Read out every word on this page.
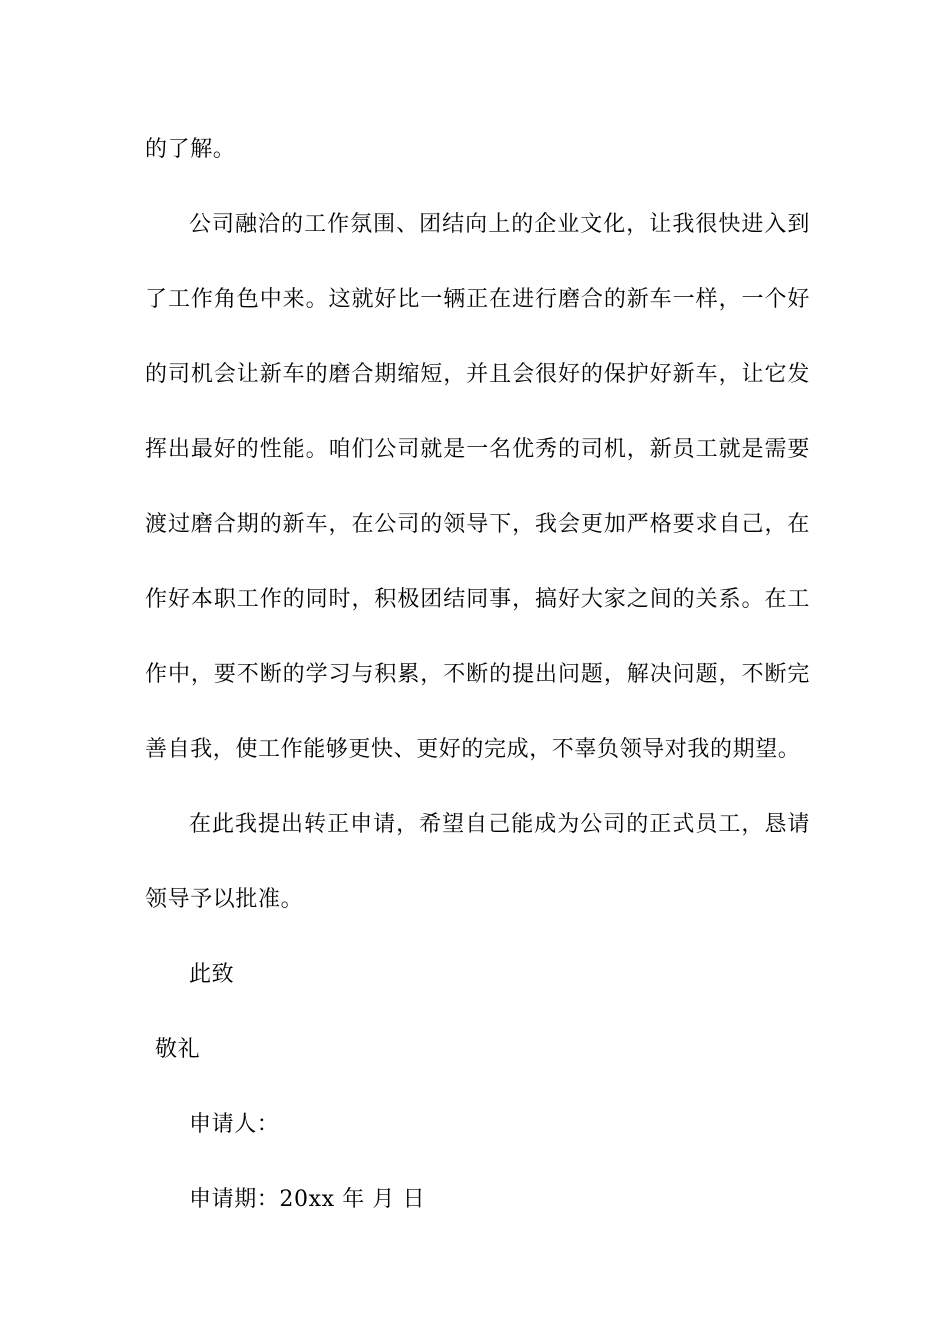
的了解。
公司融洽的工作氛围、团结向上的企业文化，让我很快进入到
了工作角色中来。这就好比一辆正在进行磨合的新车一样，一个好
的司机会让新车的磨合期缩短，并且会很好的保护好新车，让它发
挥出最好的性能。咱们公司就是一名优秀的司机，新员工就是需要
渡过磨合期的新车，在公司的领导下，我会更加严格要求自己，在
作好本职工作的同时，积极团结同事，搞好大家之间的关系。在工
作中，要不断的学习与积累，不断的提出问题，解决问题，不断完
善自我，使工作能够更快、更好的完成，不辜负领导对我的期望。
在此我提出转正申请，希望自己能成为公司的正式员工，恳请
领导予以批准。
此致
敬礼
申请人：
申请期：20xx 年 月 日
